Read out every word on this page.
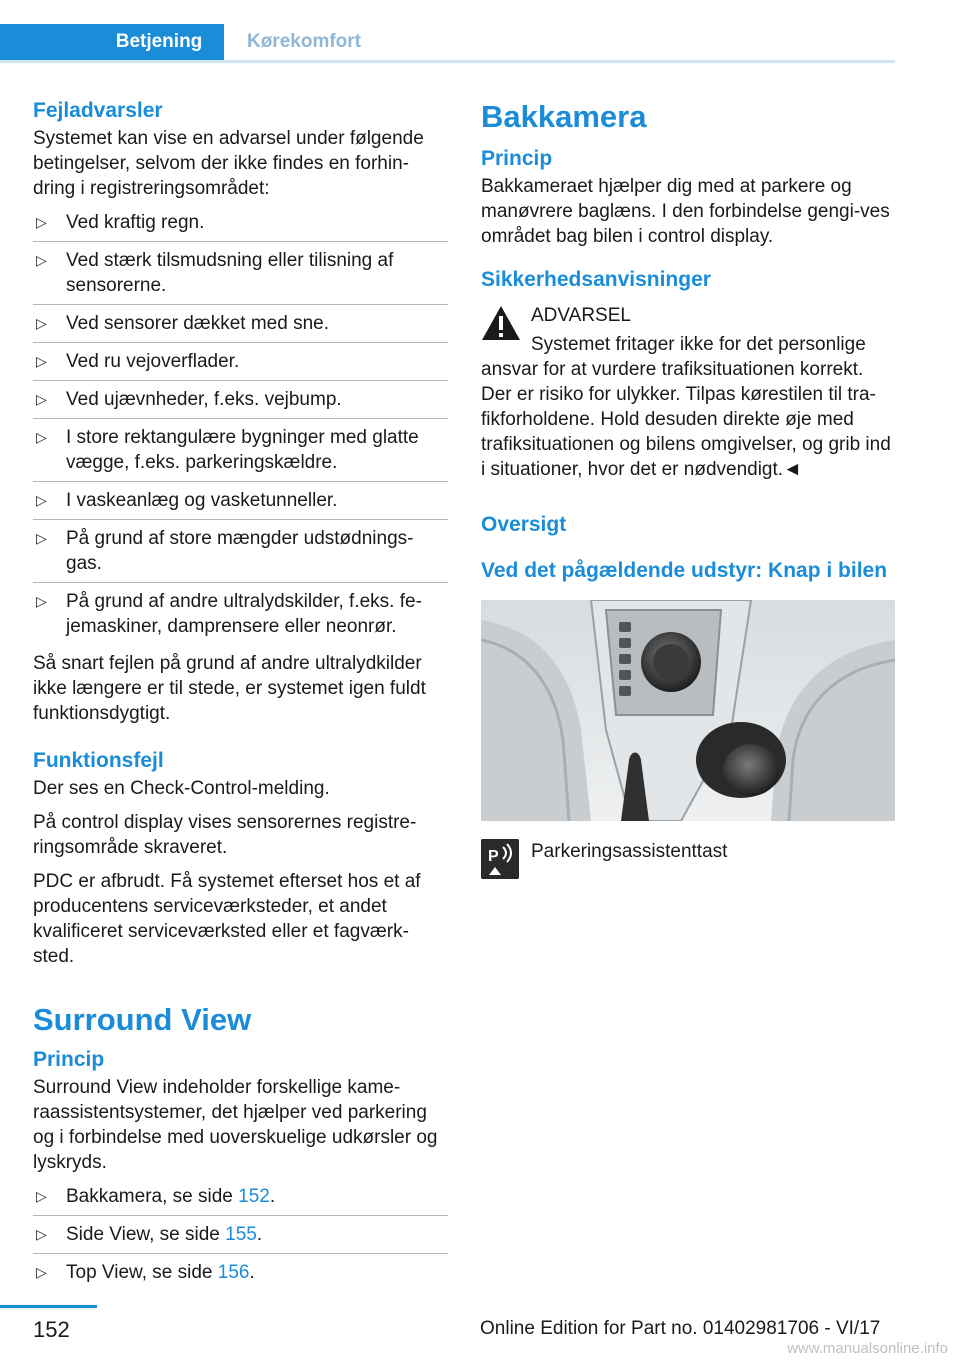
Betjening	Kørekomfort
Fejladvarsler

Systemet kan vise en advarsel under følgende betingelser, selvom der ikke findes en forhin-dring i registreringsområdet:

▷ Ved kraftig regn.
▷ Ved stærk tilsmudsning eller tilisning af sensorerne.
▷ Ved sensorer dækket med sne.
▷ Ved ru vejoverflader.
▷ Ved ujævnheder, f.eks. vejbump.
▷ I store rektangulære bygninger med glatte vægge, f.eks. parkeringskældre.
▷ I vaskeanlæg og vasketunneller.
▷ På grund af store mængder udstødnings-gas.
▷ På grund af andre ultralydskilder, f.eks. fe-jemaskiner, damprensere eller neonrør.

Så snart fejlen på grund af andre ultralydkilder ikke længere er til stede, er systemet igen fuldt funktionsdygtigt.

Funktionsfejl

Der ses en Check-Control-melding.

På control display vises sensorernes registre-ringsområde skraveret.

PDC er afbrudt. Få systemet efterset hos et af producentens serviceværksteder, et andet kvalificeret serviceværksted eller et fagværk-sted.

Surround View
Princip

Surround View indeholder forskellige kame-raassistentsystemer, det hjælper ved parkering og i forbindelse med uoverskuelige udkørsler og lyskryds.

▷ Bakkamera, se side 152.
▷ Side View, se side 155.
▷ Top View, se side 156.
Bakkamera
Princip

Bakkameraet hjælper dig med at parkere og manøvrere baglæns. I den forbindelse gengi-ves området bag bilen i control display.

Sikkerhedsanvisninger
ADVARSEL

Systemet fritager ikke for det personlige ansvar for at vurdere trafiksituationen korrekt. Der er risiko for ulykker. Tilpas kørestilen til tra-fikforholdene. Hold desuden direkte øje med trafiksituationen og bilens omgivelser, og grib ind i situationer, hvor det er nødvendigt.◄

Oversigt
Ved det pågældende udstyr: Knap i bilen
P Parkeringsassistenttast
152	Online Edition for Part no. 01402981706 - VI/17
www.manualsonline.info
